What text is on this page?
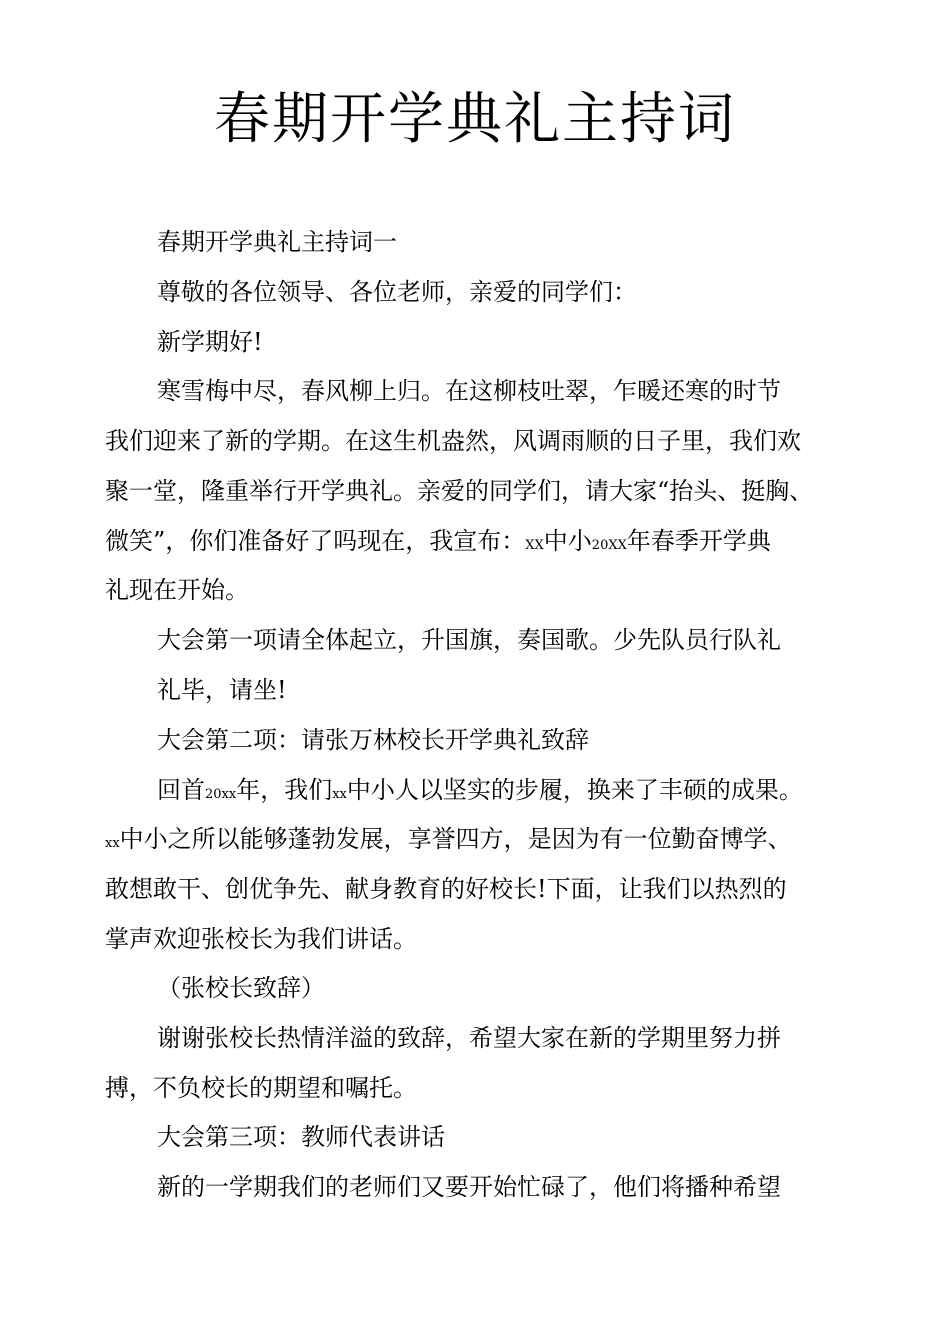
春期开学典礼主持词
春期开学典礼主持词一
尊敬的各位领导、各位老师，亲爱的同学们：
新学期好!
寒雪梅中尽，春风柳上归。在这柳枝吐翠，乍暖还寒的时节
我们迎来了新的学期。在这生机盎然，风调雨顺的日子里，我们欢
聚一堂，隆重举行开学典礼。亲爱的同学们，请大家“抬头、挺胸、
微笑”，你们准备好了吗现在，我宣布：XX中小20XX年春季开学典
礼现在开始。
大会第一项请全体起立，升国旗，奏国歌。少先队员行队礼
礼毕，请坐!
大会第二项：请张万林校长开学典礼致辞
回首20xx年，我们xx中小人以坚实的步履，换来了丰硕的成果。
xx中小之所以能够蓬勃发展，享誉四方，是因为有一位勤奋博学、
敢想敢干、创优争先、献身教育的好校长!下面，让我们以热烈的
掌声欢迎张校长为我们讲话。
（张校长致辞）
谢谢张校长热情洋溢的致辞，希望大家在新的学期里努力拼
搏，不负校长的期望和嘱托。
大会第三项：教师代表讲话
新的一学期我们的老师们又要开始忙碌了，他们将播种希望
